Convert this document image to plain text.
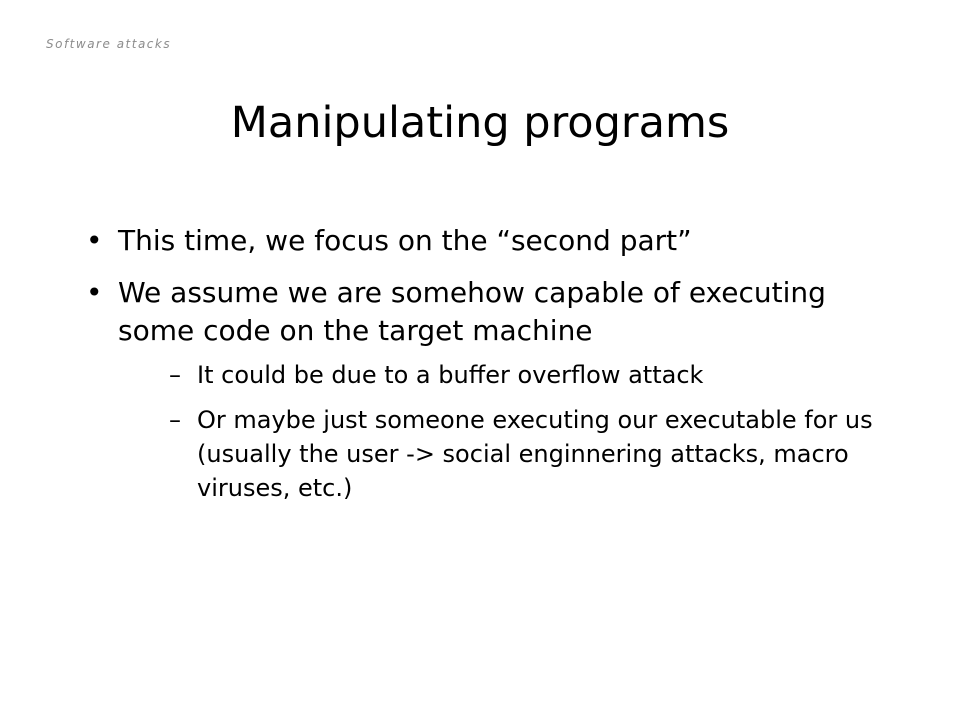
Software attacks
Manipulating programs
• This time, we focus on the “second part”
• We assume we are somehow capable of executing some code on the target machine
– It could be due to a buffer overflow attack
– Or maybe just someone executing our executable for us (usually the user -> social enginnering attacks, macro viruses, etc.)
